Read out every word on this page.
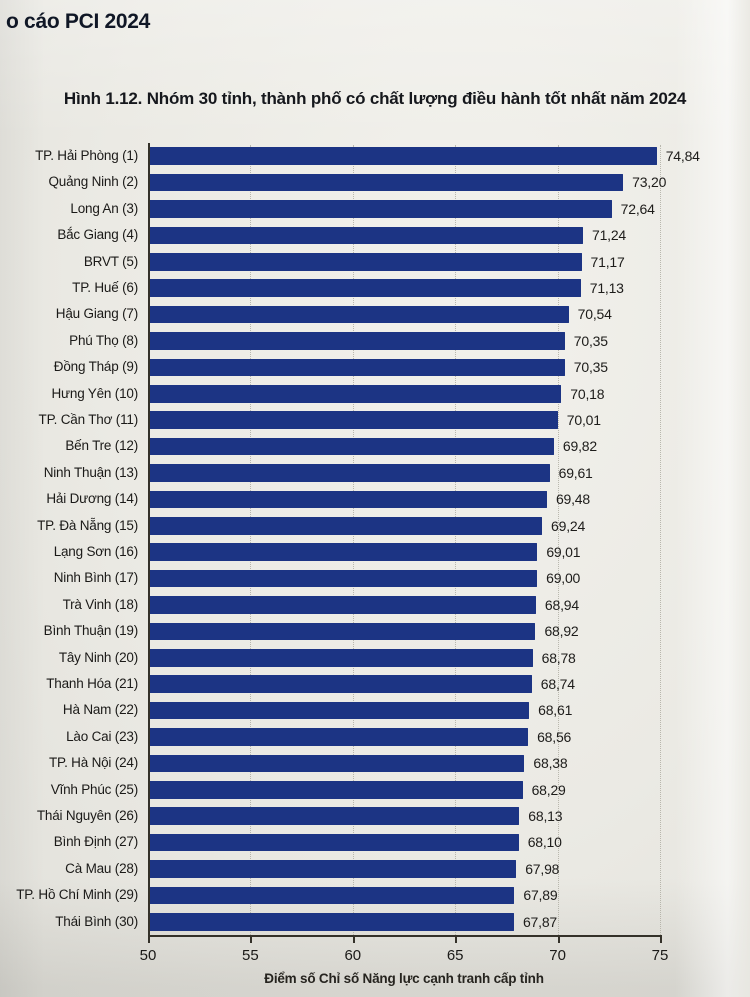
o cáo PCI 2024
Hình 1.12. Nhóm 30 tỉnh, thành phố có chất lượng điều hành tốt nhất năm 2024
TP. Hải Phòng (1)	74,84
Quảng Ninh (2)	73,20
Long An (3)	72,64
Bắc Giang (4)	71,24
BRVT (5)	71,17
TP. Huế (6)	71,13
Hậu Giang (7)	70,54
Phú Thọ (8)	70,35
Đồng Tháp (9)	70,35
Hưng Yên (10)	70,18
TP. Cần Thơ (11)	70,01
Bến Tre (12)	69,82
Ninh Thuận (13)	69,61
Hải Dương (14)	69,48
TP. Đà Nẵng (15)	69,24
Lạng Sơn (16)	69,01
Ninh Bình (17)	69,00
Trà Vinh (18)	68,94
Bình Thuận (19)	68,92
Tây Ninh (20)	68,78
Thanh Hóa (21)	68,74
Hà Nam (22)	68,61
Lào Cai (23)	68,56
TP. Hà Nội (24)	68,38
Vĩnh Phúc (25)	68,29
Thái Nguyên (26)	68,13
Bình Định (27)	68,10
Cà Mau (28)	67,98
TP. Hồ Chí Minh (29)	67,89
Thái Bình (30)	67,87
50	55	60	65	70	75
Điểm số Chỉ số Năng lực cạnh tranh cấp tỉnh
